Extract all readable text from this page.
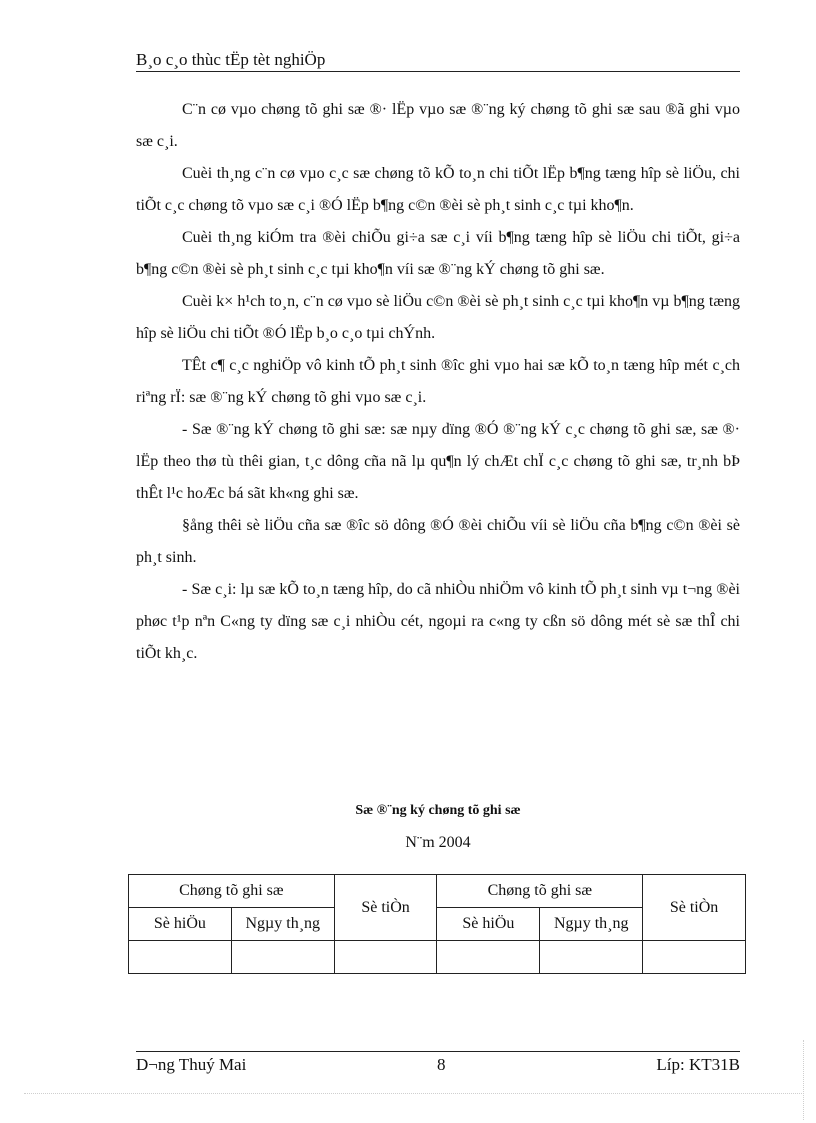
B¸o c¸o thùc tËp tèt nghiÖp

C¨n cø vµo chøng tõ ghi sæ ®· lËp vµo sæ ®¨ng ký chøng tõ ghi sæ sau ®ã ghi vµo sæ c¸i.

Cuèi th¸ng c¨n cø vµo c¸c sæ chøng tõ kÕ to¸n chi tiÕt lËp b¶ng tæng hîp sè liÖu, chi tiÕt c¸c chøng tõ vµo sæ c¸i ®Ó lËp b¶ng c©n ®èi sè ph¸t sinh c¸c tµi kho¶n.

Cuèi th¸ng kiÓm tra ®èi chiÕu gi÷a sæ c¸i víi b¶ng tæng hîp sè liÖu chi tiÕt, gi÷a b¶ng c©n ®èi sè ph¸t sinh c¸c tµi kho¶n víi sæ ®¨ng kÝ chøng tõ ghi sæ.

Cuèi k× h¹ch to¸n, c¨n cø vµo sè liÖu c©n ®èi sè ph¸t sinh c¸c tµi kho¶n vµ b¶ng tæng hîp sè liÖu chi tiÕt ®Ó lËp b¸o c¸o tµi chÝnh.

TÊt c¶ c¸c nghiÖp vô kinh tÕ ph¸t sinh ®îc ghi vµo hai sæ kÕ to¸n tæng hîp mét c¸ch riªng rÏ: sæ ®¨ng kÝ chøng tõ ghi vµo sæ c¸i.

- Sæ ®¨ng kÝ chøng tõ ghi sæ: sæ nµy dïng ®Ó ®¨ng kÝ c¸c chøng tõ ghi sæ, sæ ®· lËp theo thø tù thêi gian, t¸c dông cña nã lµ qu¶n lý chÆt chÏ c¸c chøng tõ ghi sæ, tr¸nh bÞ thÊt l¹c hoÆc bá sãt kh«ng ghi sæ.

§ång thêi sè liÖu cña sæ ®îc sö dông ®Ó ®èi chiÕu víi sè liÖu cña b¶ng c©n ®èi sè ph¸t sinh.

- Sæ c¸i: lµ sæ kÕ to¸n tæng hîp, do cã nhiÒu nhiÖm vô kinh tÕ ph¸t sinh vµ t¬ng ®èi phøc t¹p nªn C«ng ty dïng sæ c¸i nhiÒu cét, ngoµi ra c«ng ty cßn sö dông mét sè sæ thÎ chi tiÕt kh¸c.

Sæ ®¨ng ký chøng tõ ghi sæ
N¨m 2004
Chøng tõ ghi sæ		Sè tiÒn	Chøng tõ ghi sæ		Sè tiÒn
Sè hiÖu	Ngµy th¸ng		Sè hiÖu	Ngµy th¸ng	

D¬ng Thuý Mai	8	Líp: KT31B
